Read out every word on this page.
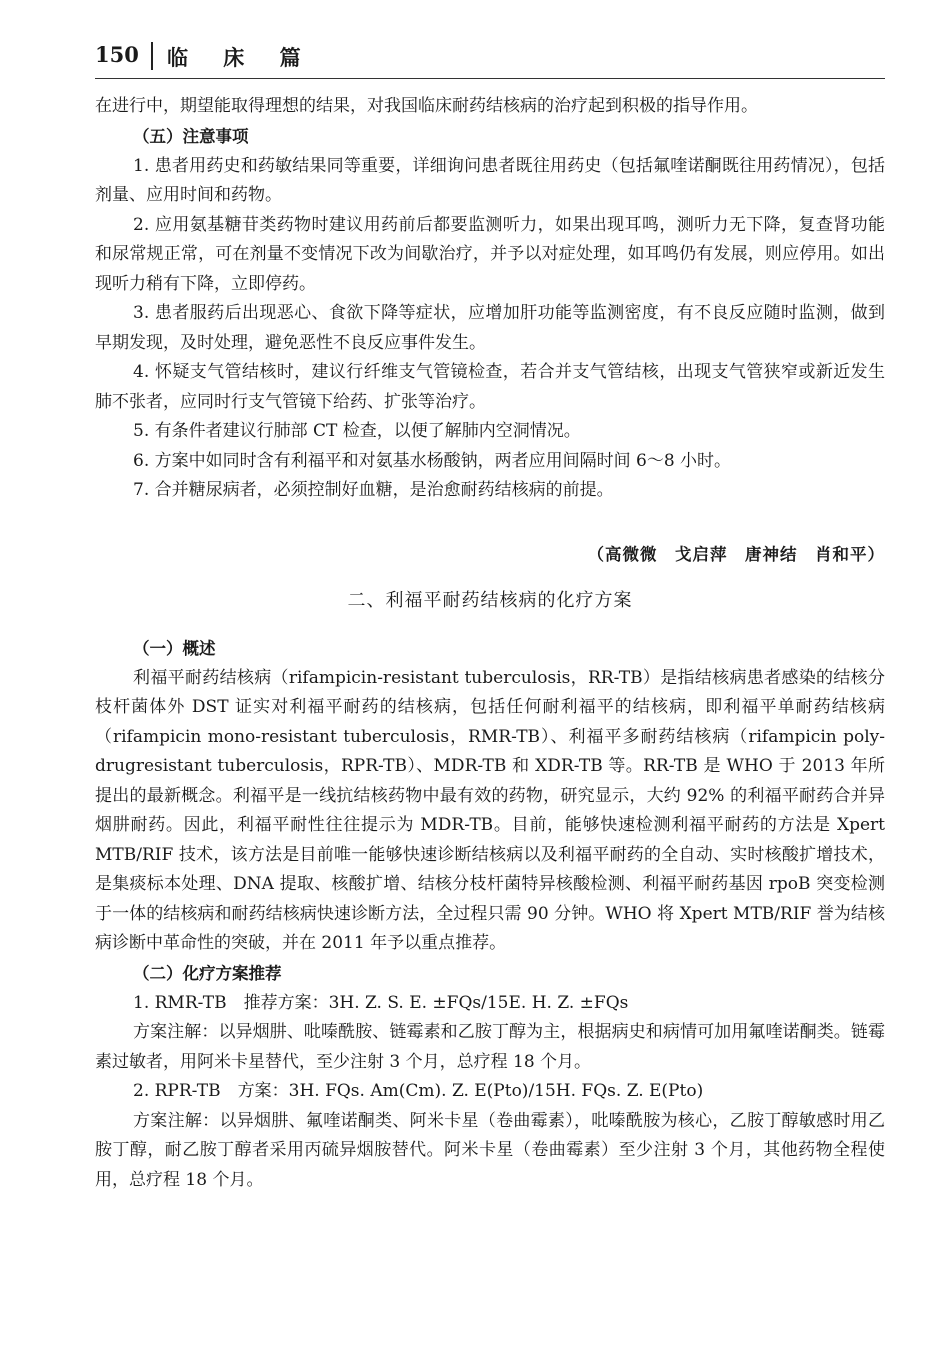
150 临 床 篇

在进行中，期望能取得理想的结果，对我国临床耐药结核病的治疗起到积极的指导作用。

（五）注意事项

1. 患者用药史和药敏结果同等重要，详细询问患者既往用药史（包括氟喹诺酮既往用药情况），包括剂量、应用时间和药物。

2. 应用氨基糖苷类药物时建议用药前后都要监测听力，如果出现耳鸣，测听力无下降，复查肾功能和尿常规正常，可在剂量不变情况下改为间歇治疗，并予以对症处理，如耳鸣仍有发展，则应停用。如出现听力稍有下降，立即停药。

3. 患者服药后出现恶心、食欲下降等症状，应增加肝功能等监测密度，有不良反应随时监测，做到早期发现，及时处理，避免恶性不良反应事件发生。

4. 怀疑支气管结核时，建议行纤维支气管镜检查，若合并支气管结核，出现支气管狭窄或新近发生肺不张者，应同时行支气管镜下给药、扩张等治疗。

5. 有条件者建议行肺部 CT 检查，以便了解肺内空洞情况。

6. 方案中如同时含有利福平和对氨基水杨酸钠，两者应用间隔时间 6～8 小时。

7. 合并糖尿病者，必须控制好血糖，是治愈耐药结核病的前提。

（高微微　戈启萍　唐神结　肖和平）
二、利福平耐药结核病的化疗方案
（一）概述

利福平耐药结核病（rifampicin-resistant tuberculosis，RR-TB）是指结核病患者感染的结核分枝杆菌体外 DST 证实对利福平耐药的结核病，包括任何耐利福平的结核病，即利福平单耐药结核病（rifampicin mono-resistant tuberculosis，RMR-TB）、利福平多耐药结核病（rifampicin poly-drugresistant tuberculosis，RPR-TB）、MDR-TB 和 XDR-TB 等。RR-TB 是 WHO 于 2013 年所提出的最新概念。利福平是一线抗结核药物中最有效的药物，研究显示，大约 92% 的利福平耐药合并异烟肼耐药。因此，利福平耐性往往提示为 MDR-TB。目前，能够快速检测利福平耐药的方法是 Xpert MTB/RIF 技术，该方法是目前唯一能够快速诊断结核病以及利福平耐药的全自动、实时核酸扩增技术，是集痰标本处理、DNA 提取、核酸扩增、结核分枝杆菌特异核酸检测、利福平耐药基因 rpoB 突变检测于一体的结核病和耐药结核病快速诊断方法，全过程只需 90 分钟。WHO 将 Xpert MTB/RIF 誉为结核病诊断中革命性的突破，并在 2011 年予以重点推荐。

（二）化疗方案推荐

1. RMR-TB　推荐方案：3H. Z. S. E. ±FQs/15E. H. Z. ±FQs

方案注解：以异烟肼、吡嗪酰胺、链霉素和乙胺丁醇为主，根据病史和病情可加用氟喹诺酮类。链霉素过敏者，用阿米卡星替代，至少注射 3 个月，总疗程 18 个月。

2. RPR-TB　方案：3H. FQs. Am(Cm). Z. E(Pto)/15H. FQs. Z. E(Pto)

方案注解：以异烟肼、氟喹诺酮类、阿米卡星（卷曲霉素），吡嗪酰胺为核心，乙胺丁醇敏感时用乙胺丁醇，耐乙胺丁醇者采用丙硫异烟胺替代。阿米卡星（卷曲霉素）至少注射 3 个月，其他药物全程使用，总疗程 18 个月。
